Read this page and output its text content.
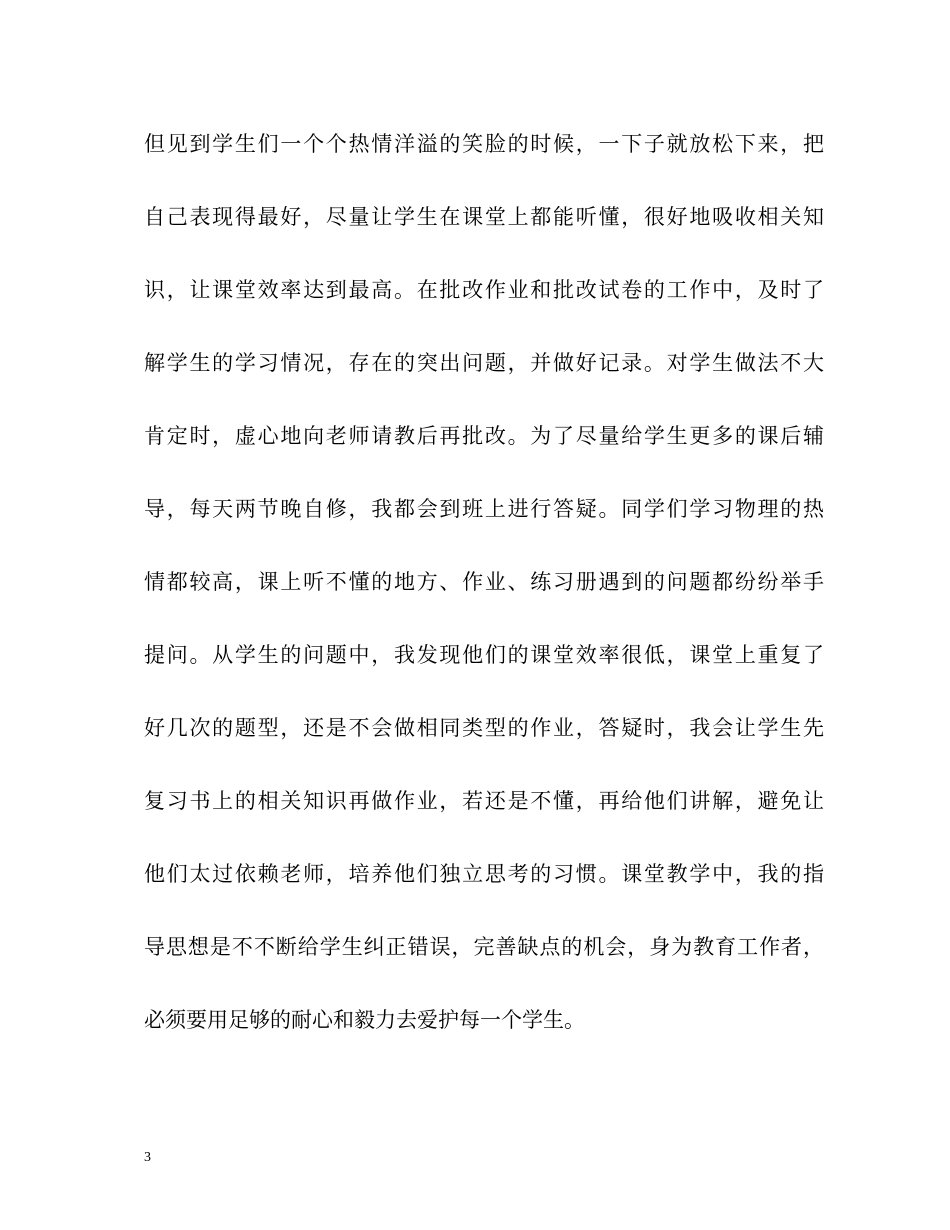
但见到学生们一个个热情洋溢的笑脸的时候，一下子就放松下来，把
自己表现得最好，尽量让学生在课堂上都能听懂，很好地吸收相关知
识，让课堂效率达到最高。在批改作业和批改试卷的工作中，及时了
解学生的学习情况，存在的突出问题，并做好记录。对学生做法不大
肯定时，虚心地向老师请教后再批改。为了尽量给学生更多的课后辅
导，每天两节晚自修，我都会到班上进行答疑。同学们学习物理的热
情都较高，课上听不懂的地方、作业、练习册遇到的问题都纷纷举手
提问。从学生的问题中，我发现他们的课堂效率很低，课堂上重复了
好几次的题型，还是不会做相同类型的作业，答疑时，我会让学生先
复习书上的相关知识再做作业，若还是不懂，再给他们讲解，避免让
他们太过依赖老师，培养他们独立思考的习惯。课堂教学中，我的指
导思想是不不断给学生纠正错误，完善缺点的机会，身为教育工作者，
必须要用足够的耐心和毅力去爱护每一个学生。
3
